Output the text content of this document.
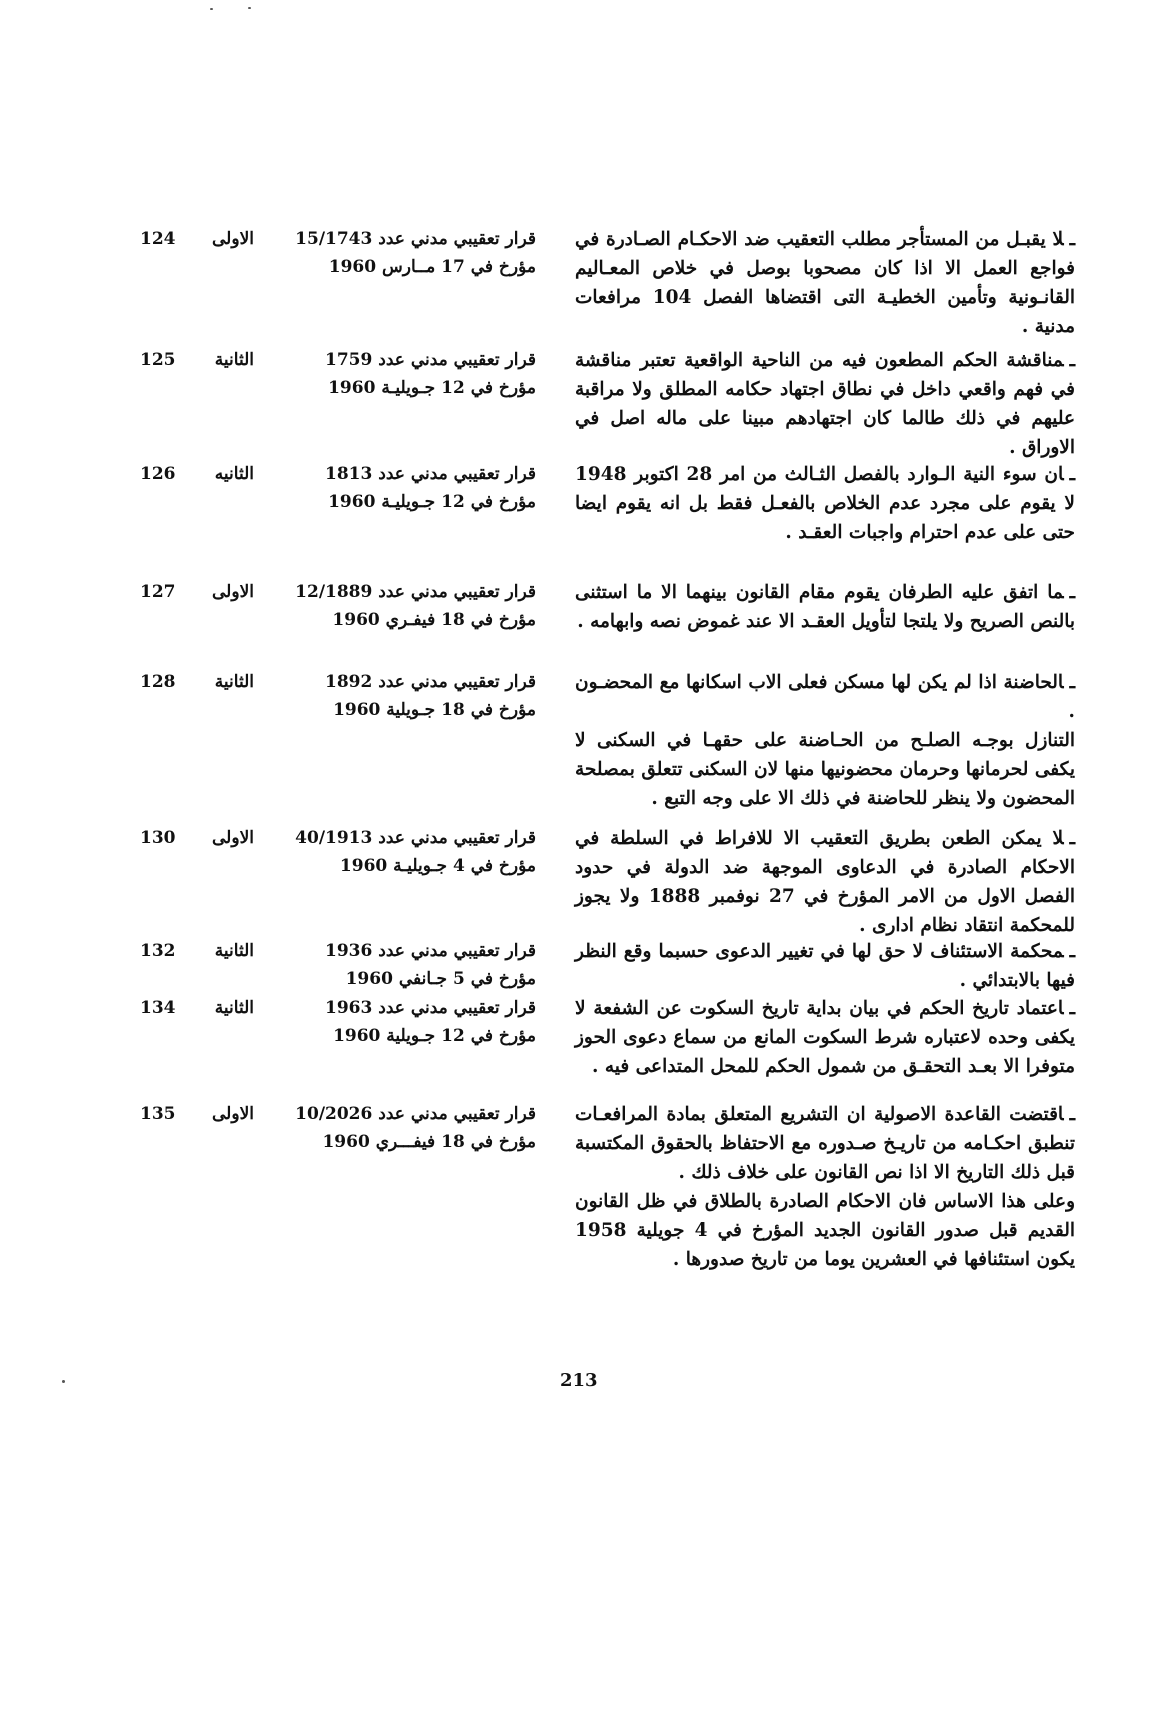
ـلا يقبـل من المستأجر مطلب التعقيب ضد الاحكـام الصـادرة في فواجع العمل الا اذا كان مصحوبا بوصل في خلاص المعـاليم القانـونية وتأمين الخطيـة التى اقتضاها الفصل 104 مرافعات مدنية .

قرار تعقيبي مدني عدد 15/1743
مؤرخ في 17 مــارس 1960
الاولى
124

ـمناقشة الحكم المطعون فيه من الناحية الواقعية تعتبر مناقشة في فهم واقعي داخل في نطاق اجتهاد حكامه المطلق ولا مراقبة عليهم في ذلك طالما كان اجتهادهم مبينا على ماله اصل في الاوراق .

قرار تعقيبي مدني عدد 1759
مؤرخ في 12 جـويليـة 1960
الثانية
125

ـان سوء النية الـوارد بالفصل الثـالث من امر 28 اكتوبر 1948 لا يقوم على مجرد عدم الخلاص بالفعـل فقط بل انه يقوم ايضا حتى على عدم احترام واجبات العقـد .

قرار تعقيبي مدني عدد 1813
مؤرخ في 12 جـويليـة 1960
الثانيه
126

ـما اتفق عليه الطرفان يقوم مقام القانون بينهما الا ما استثنى بالنص الصريح ولا يلتجا لتأويل العقـد الا عند غموض نصه وابهامه .

قرار تعقيبي مدني عدد 12/1889
مؤرخ في 18 فيفـري 1960
الاولى
127

ـالحاضنة اذا لم يكن لها مسكن فعلى الاب اسكانها مع المحضـون .

التنازل بوجـه الصلـح من الحـاضنة على حقهـا في السكنى لا يكفى لحرمانها وحرمان محضونيها منها لان السكنى تتعلق بمصلحة المحضون ولا ينظر للحاضنة في ذلك الا على وجه التبع .

قرار تعقيبي مدني عدد 1892
مؤرخ في 18 جـويلية 1960
الثانية
128

ـلا يمكن الطعن بطريق التعقيب الا للافراط في السلطة في الاحكام الصادرة في الدعاوى الموجهة ضد الدولة في حدود الفصل الاول من الامر المؤرخ في 27 نوفمبر 1888 ولا يجوز للمحكمة انتقاد نظام ادارى .

قرار تعقيبي مدني عدد 40/1913
مؤرخ في 4 جـويليـة 1960
الاولى
130

ـمحكمة الاستئناف لا حق لها في تغيير الدعوى حسبما وقع النظر فيها بالابتدائي .

قرار تعقيبي مدني عدد 1936
مؤرخ في 5 جـانفي 1960
الثانية
132

ـاعتماد تاريخ الحكم في بيان بداية تاريخ السكوت عن الشفعة لا يكفى وحده لاعتباره شرط السكوت المانع من سماع دعوى الحوز متوفرا الا بعـد التحقـق من شمول الحكم للمحل المتداعى فيه .

قرار تعقيبي مدني عدد 1963
مؤرخ في 12 جـويلية 1960
الثانية
134

ـاقتضت القاعدة الاصولية ان التشريع المتعلق بمادة المرافعـات تنطبق احكـامه من تاريـخ صـدوره مع الاحتفاظ بالحقوق المكتسبة قبل ذلك التاريخ الا اذا نص القانون على خلاف ذلك .

وعلى هذا الاساس فان الاحكام الصادرة بالطلاق في ظل القانون القديم قبل صدور القانون الجديد المؤرخ في 4 جويلية 1958 يكون استئنافها في العشرين يوما من تاريخ صدورها .

قرار تعقيبي مدني عدد 10/2026
مؤرخ في 18 فيفـــري 1960
الاولى
135
213
